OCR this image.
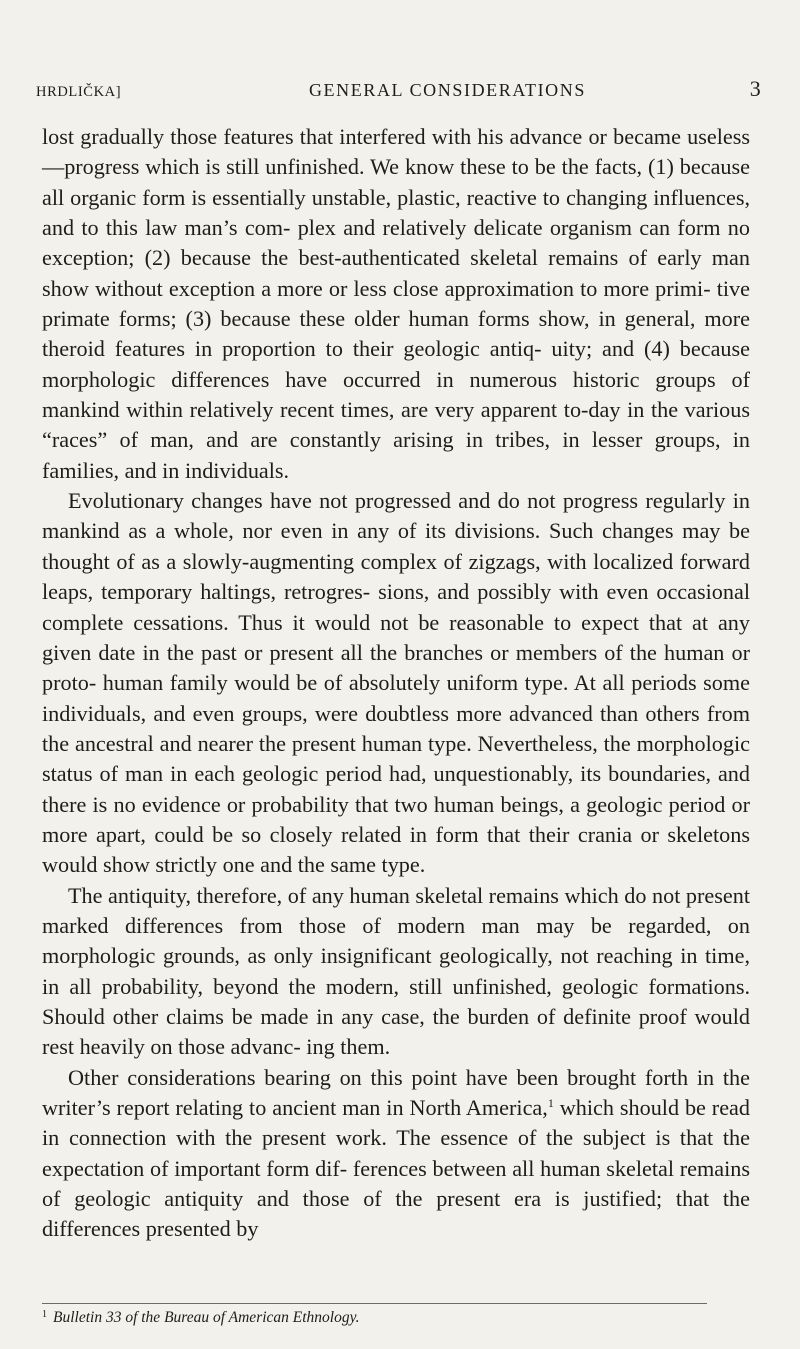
HRDLIČKA]	GENERAL CONSIDERATIONS	3

lost gradually those features that interfered with his advance or became useless—progress which is still unfinished. We know these to be the facts, (1) because all organic form is essentially unstable, plastic, reactive to changing influences, and to this law man’s com- plex and relatively delicate organism can form no exception; (2) because the best-authenticated skeletal remains of early man show without exception a more or less close approximation to more primi- tive primate forms; (3) because these older human forms show, in general, more theroid features in proportion to their geologic antiq- uity; and (4) because morphologic differences have occurred in numerous historic groups of mankind within relatively recent times, are very apparent to-day in the various “races” of man, and are constantly arising in tribes, in lesser groups, in families, and in individuals.

Evolutionary changes have not progressed and do not progress regularly in mankind as a whole, nor even in any of its divisions. Such changes may be thought of as a slowly-augmenting complex of zigzags, with localized forward leaps, temporary haltings, retrogres- sions, and possibly with even occasional complete cessations. Thus it would not be reasonable to expect that at any given date in the past or present all the branches or members of the human or proto- human family would be of absolutely uniform type. At all periods some individuals, and even groups, were doubtless more advanced than others from the ancestral and nearer the present human type. Nevertheless, the morphologic status of man in each geologic period had, unquestionably, its boundaries, and there is no evidence or probability that two human beings, a geologic period or more apart, could be so closely related in form that their crania or skeletons would show strictly one and the same type.

The antiquity, therefore, of any human skeletal remains which do not present marked differences from those of modern man may be regarded, on morphologic grounds, as only insignificant geologically, not reaching in time, in all probability, beyond the modern, still unfinished, geologic formations. Should other claims be made in any case, the burden of definite proof would rest heavily on those advanc- ing them.

Other considerations bearing on this point have been brought forth in the writer’s report relating to ancient man in North America,$^1$ which should be read in connection with the present work. The essence of the subject is that the expectation of important form dif- ferences between all human skeletal remains of geologic antiquity and those of the present era is justified; that the differences presented by

$^1$ Bulletin 33 of the Bureau of American Ethnology.
